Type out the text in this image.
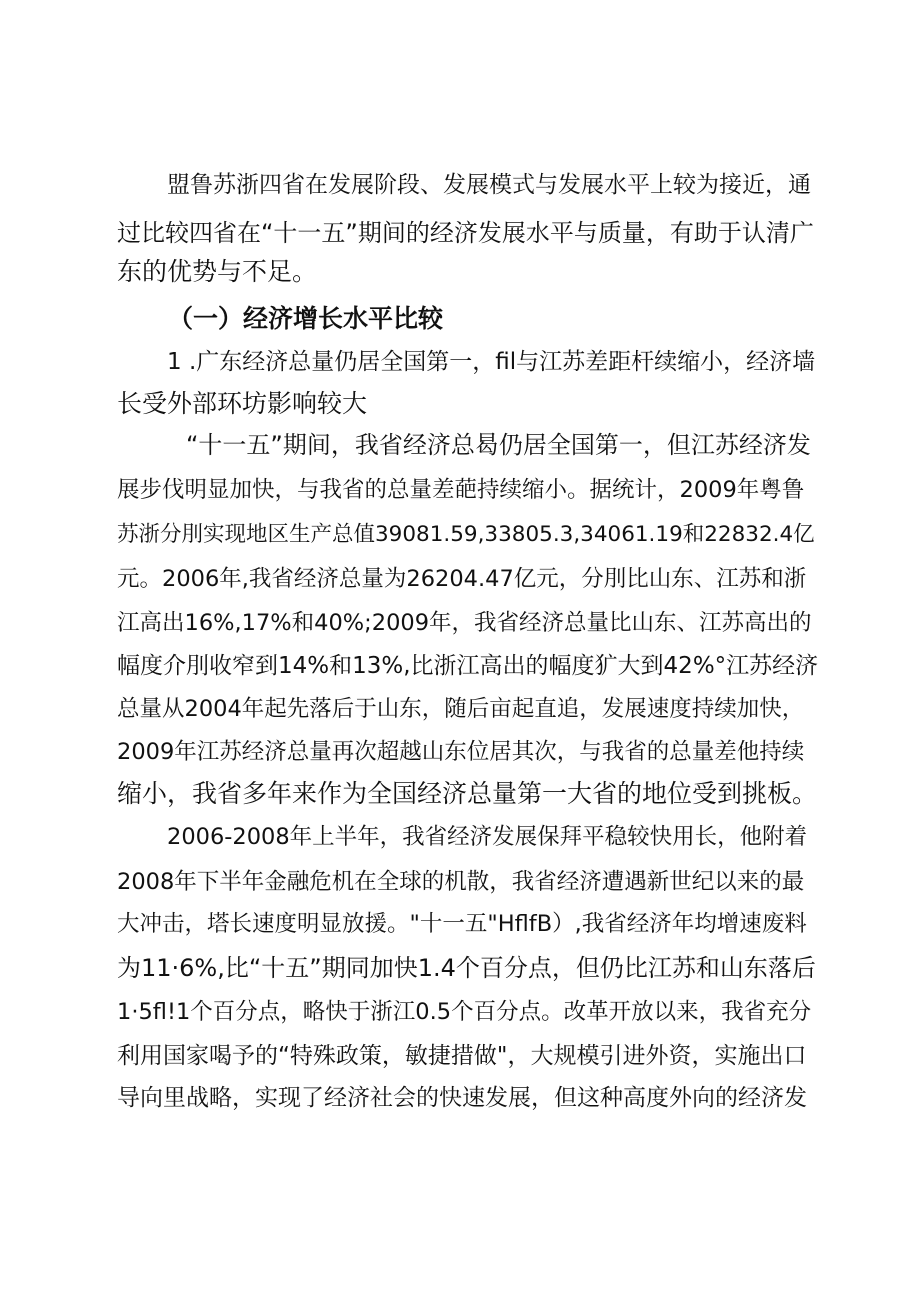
盟鲁苏浙四省在发展阶段、发展模式与发展水平上较为接近，通
过比较四省在“十一五”期间的经济发展水平与质量，有助于认清广
东的优势与不足。
（一）经济增长水平比较
1 .广东经济总量仍居全国第一，fil与江苏差距杆续缩小，经济墙
长受外部环坊影响较大
“十一五”期间，我省经济总曷仍居全国第一，但江苏经济发
展步伐明显加快，与我省的总量差葩持续缩小。据统计，2009年粤鲁
苏浙分刖实现地区生产总值39081.59,33805.3,34061.19和22832.4亿
元。2006年,我省经济总量为26204.47亿元，分刖比山东、江苏和浙
江高出16%,17%和40%;2009年，我省经济总量比山东、江苏高出的
幅度介刖收窄到14%和13%,比浙江高出的幅度犷大到42%°江苏经济
总量从2004年起先落后于山东，随后亩起直追，发展速度持续加快，
2009年江苏经济总量再次超越山东位居其次，与我省的总量差他持续
缩小，我省多年来作为全国经济总量第一大省的地位受到挑板。
2006-2008年上半年，我省经济发展保拜平稳较快用长，他附着
2008年下半年金融危机在全球的机散，我省经济遭遇新世纪以来的最
大冲击，塔长速度明显放援。"十一五"HflfB）,我省经济年均增速废料
为11·6%,比“十五”期同加快1.4个百分点，但仍比江苏和山东落后
1·5fl!1个百分点，略快于浙江0.5个百分点。改革开放以来，我省充分
利用国家喝予的“特殊政策，敏捷措做"，大规模引进外资，实施出口
导向里战略，实现了经济社会的快速发展，但这种高度外向的经济发
